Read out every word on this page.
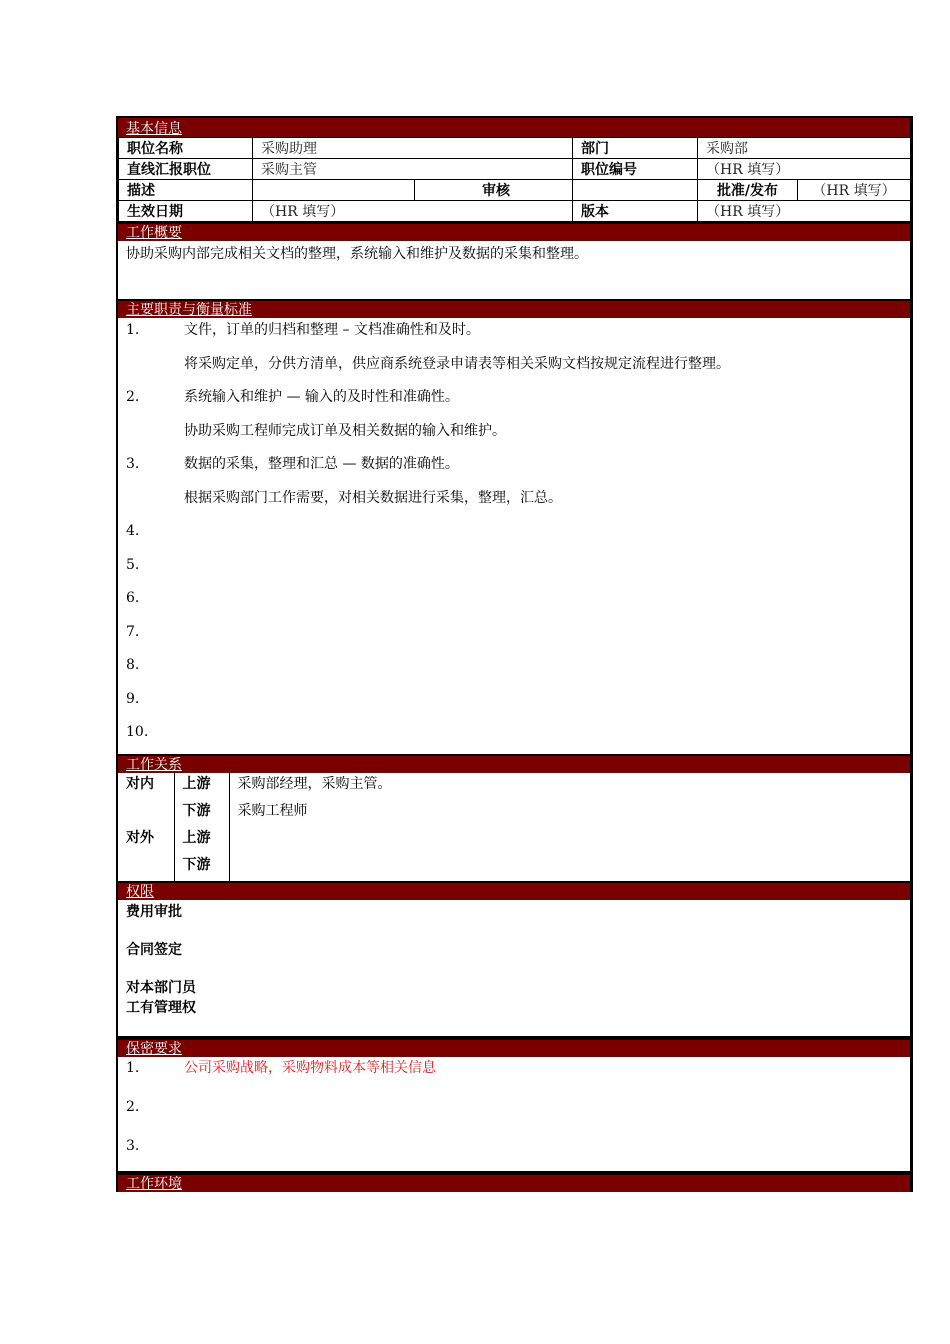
基本信息
职位名称	采购助理		部门	采购部	
直线汇报职位	采购主管		职位编号	（HR 填写）	
描述		审核		批准/发布	（HR 填写）
生效日期	（HR 填写）		版本	（HR 填写）	
工作概要
协助采购内部完成相关文档的整理，系统输入和维护及数据的采集和整理。
主要职责与衡量标准
1.	文件，订单的归档和整理 – 文档准确性和及时。
将采购定单，分供方清单，供应商系统登录申请表等相关采购文档按规定流程进行整理。
2.	系统输入和维护 — 输入的及时性和准确性。
协助采购工程师完成订单及相关数据的输入和维护。
3.	数据的采集，整理和汇总 — 数据的准确性。
根据采购部门工作需要，对相关数据进行采集，整理，汇总。
4.
5.
6.
7.
8.
9.
10.
工作关系
对内	上游	采购部经理，采购主管。
	下游	采购工程师
对外	上游	
	下游	
权限
费用审批
合同签定
对本部门员
工有管理权
保密要求
1.	公司采购战略，采购物料成本等相关信息
2.
3.
工作环境
